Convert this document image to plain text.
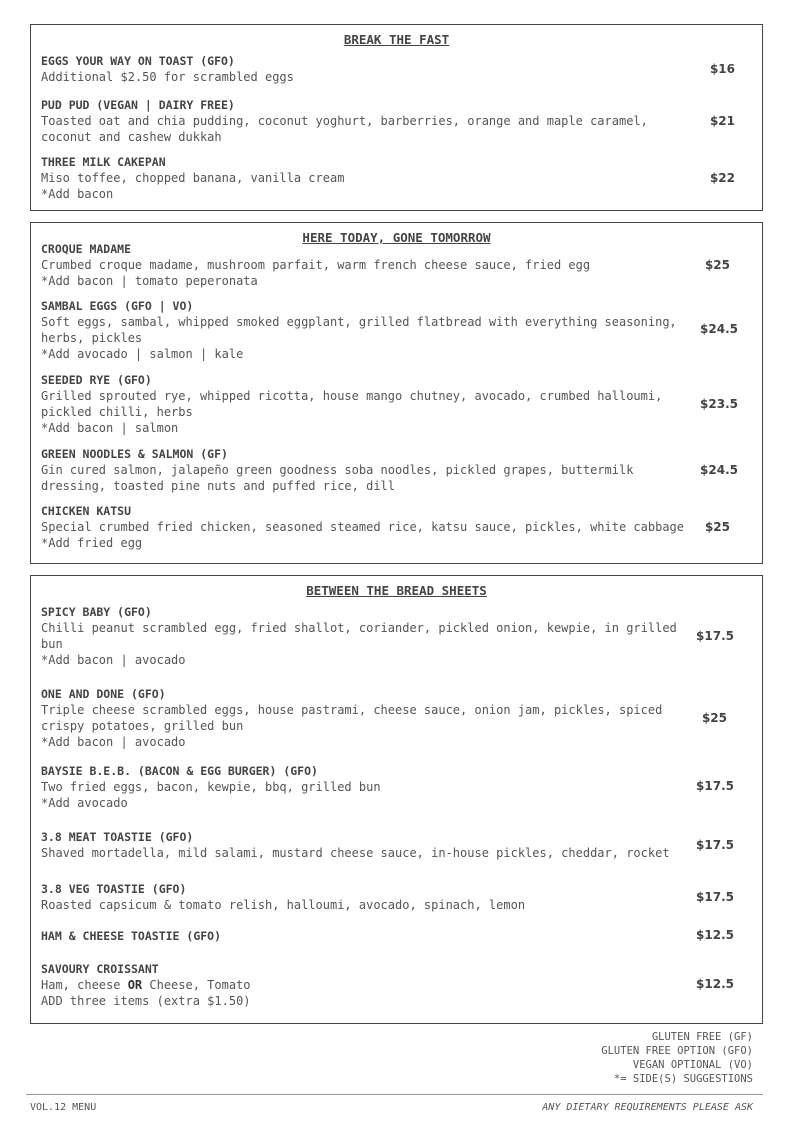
BREAK THE FAST
EGGS YOUR WAY ON TOAST (GFO)
Additional $2.50 for scrambled eggs
$16
PUD PUD (VEGAN | DAIRY FREE)
Toasted oat and chia pudding, coconut yoghurt, barberries, orange and maple caramel,
coconut and cashew dukkah
$21
THREE MILK CAKEPAN
Miso toffee, chopped banana, vanilla cream
*Add bacon
$22
HERE TODAY, GONE TOMORROW
CROQUE MADAME
Crumbed croque madame, mushroom parfait, warm french cheese sauce, fried egg
*Add bacon | tomato peperonata
$25
SAMBAL EGGS (GFO | VO)
Soft eggs, sambal, whipped smoked eggplant, grilled flatbread with everything seasoning,
herbs, pickles
*Add avocado | salmon | kale
$24.5
SEEDED RYE (GFO)
Grilled sprouted rye, whipped ricotta, house mango chutney, avocado, crumbed halloumi,
pickled chilli, herbs
*Add bacon | salmon
$23.5
GREEN NOODLES & SALMON (GF)
Gin cured salmon, jalapeño green goodness soba noodles, pickled grapes, buttermilk
dressing, toasted pine nuts and puffed rice, dill
$24.5
CHICKEN KATSU
Special crumbed fried chicken, seasoned steamed rice, katsu sauce, pickles, white cabbage
*Add fried egg
$25
BETWEEN THE BREAD SHEETS
SPICY BABY (GFO)
Chilli peanut scrambled egg, fried shallot, coriander, pickled onion, kewpie, in grilled
bun
*Add bacon | avocado
$17.5
ONE AND DONE (GFO)
Triple cheese scrambled eggs, house pastrami, cheese sauce, onion jam, pickles, spiced
crispy potatoes, grilled bun
*Add bacon | avocado
$25
BAYSIE B.E.B. (BACON & EGG BURGER) (GFO)
Two fried eggs, bacon, kewpie, bbq, grilled bun
*Add avocado
$17.5
3.8 MEAT TOASTIE (GFO)
Shaved mortadella, mild salami, mustard cheese sauce, in-house pickles, cheddar, rocket
$17.5
3.8 VEG TOASTIE (GFO)
Roasted capsicum & tomato relish, halloumi, avocado, spinach, lemon
$17.5
HAM & CHEESE TOASTIE (GFO)	$12.5
SAVOURY CROISSANT
Ham, cheese OR Cheese, Tomato
ADD three items (extra $1.50)
$12.5
GLUTEN FREE (GF)
GLUTEN FREE OPTION (GFO)
VEGAN OPTIONAL (VO)
*= SIDE(S) SUGGESTIONS
VOL.12 MENU	ANY DIETARY REQUIREMENTS PLEASE ASK
